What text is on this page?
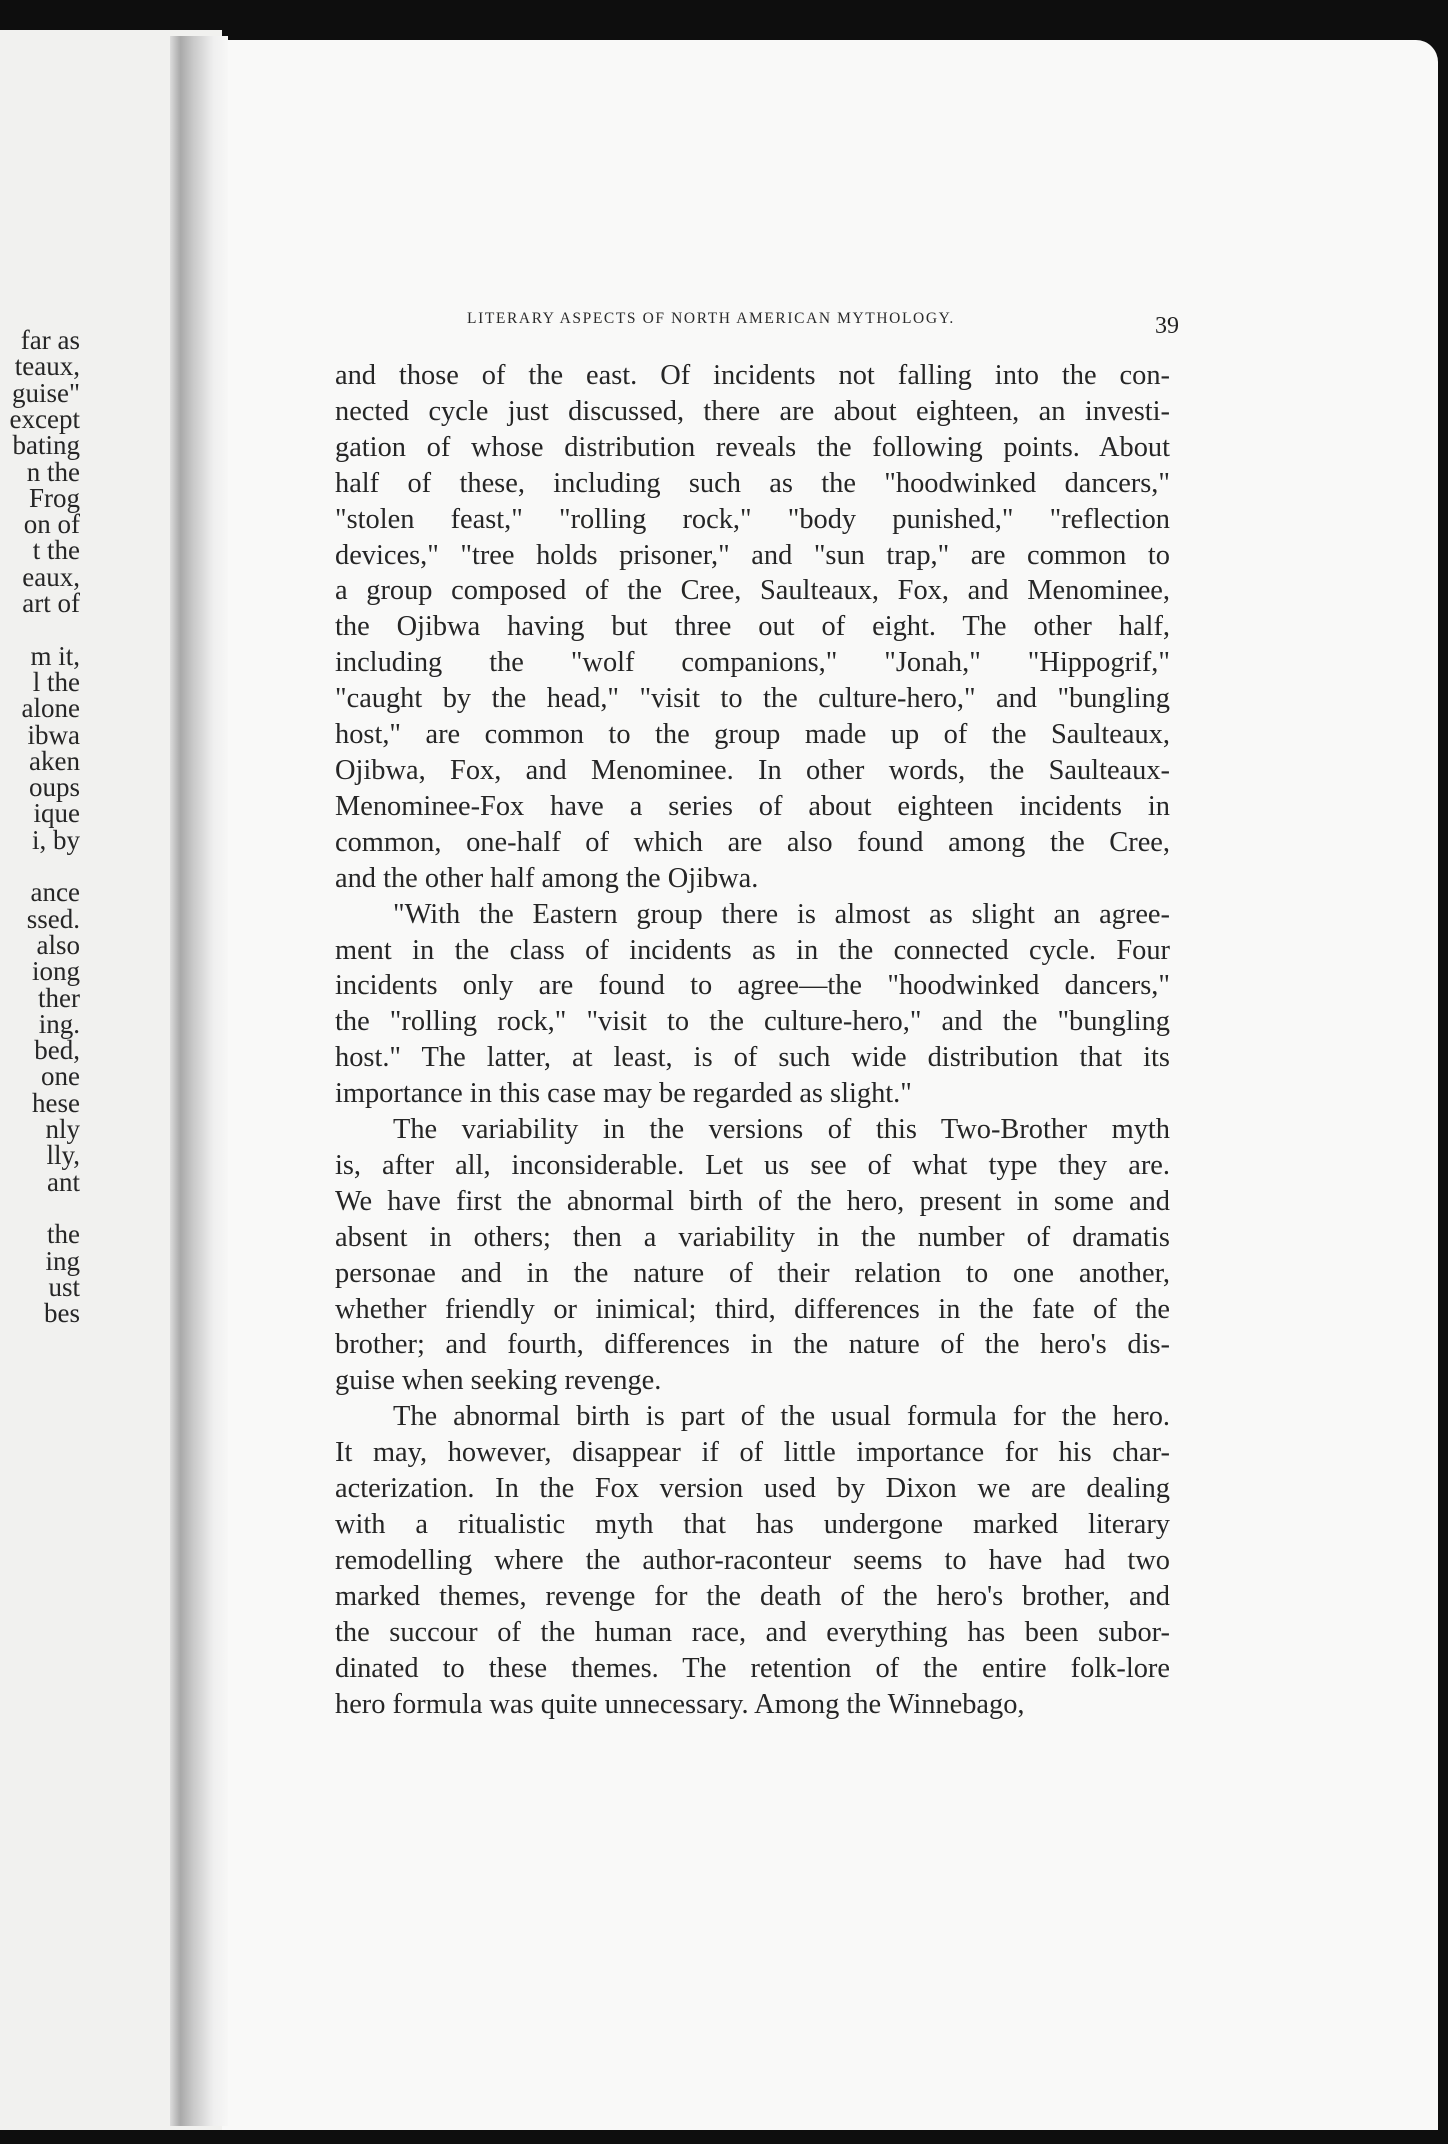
far as
teaux,
guise"
except
bating
n the
Frog
on of
t the
eaux,
art of
m it,
l the
alone
ibwa
aken
oups
ique
i, by
ance
ssed.
also
iong
ther
ing.
bed,
one
hese
nly
lly,
ant
the
ing
ust
bes
LITERARY ASPECTS OF NORTH AMERICAN MYTHOLOGY.	39

and those of the east. Of incidents not falling into the con-

nected cycle just discussed, there are about eighteen, an investi-

gation of whose distribution reveals the following points. About

half of these, including such as the "hoodwinked dancers,"

"stolen feast," "rolling rock," "body punished," "reflection

devices," "tree holds prisoner," and "sun trap," are common to

a group composed of the Cree, Saulteaux, Fox, and Menominee,

the Ojibwa having but three out of eight. The other half,

including the "wolf companions," "Jonah," "Hippogrif,"

"caught by the head," "visit to the culture-hero," and "bungling

host," are common to the group made up of the Saulteaux,

Ojibwa, Fox, and Menominee. In other words, the Saulteaux-

Menominee-Fox have a series of about eighteen incidents in

common, one-half of which are also found among the Cree,

and the other half among the Ojibwa.

"With the Eastern group there is almost as slight an agree-

ment in the class of incidents as in the connected cycle. Four

incidents only are found to agree—the "hoodwinked dancers,"

the "rolling rock," "visit to the culture-hero," and the "bungling

host." The latter, at least, is of such wide distribution that its

importance in this case may be regarded as slight."

The variability in the versions of this Two-Brother myth

is, after all, inconsiderable. Let us see of what type they are.

We have first the abnormal birth of the hero, present in some and

absent in others; then a variability in the number of dramatis

personae and in the nature of their relation to one another,

whether friendly or inimical; third, differences in the fate of the

brother; and fourth, differences in the nature of the hero's dis-

guise when seeking revenge.

The abnormal birth is part of the usual formula for the hero.

It may, however, disappear if of little importance for his char-

acterization. In the Fox version used by Dixon we are dealing

with a ritualistic myth that has undergone marked literary

remodelling where the author-raconteur seems to have had two

marked themes, revenge for the death of the hero's brother, and

the succour of the human race, and everything has been subor-

dinated to these themes. The retention of the entire folk-lore

hero formula was quite unnecessary. Among the Winnebago,
